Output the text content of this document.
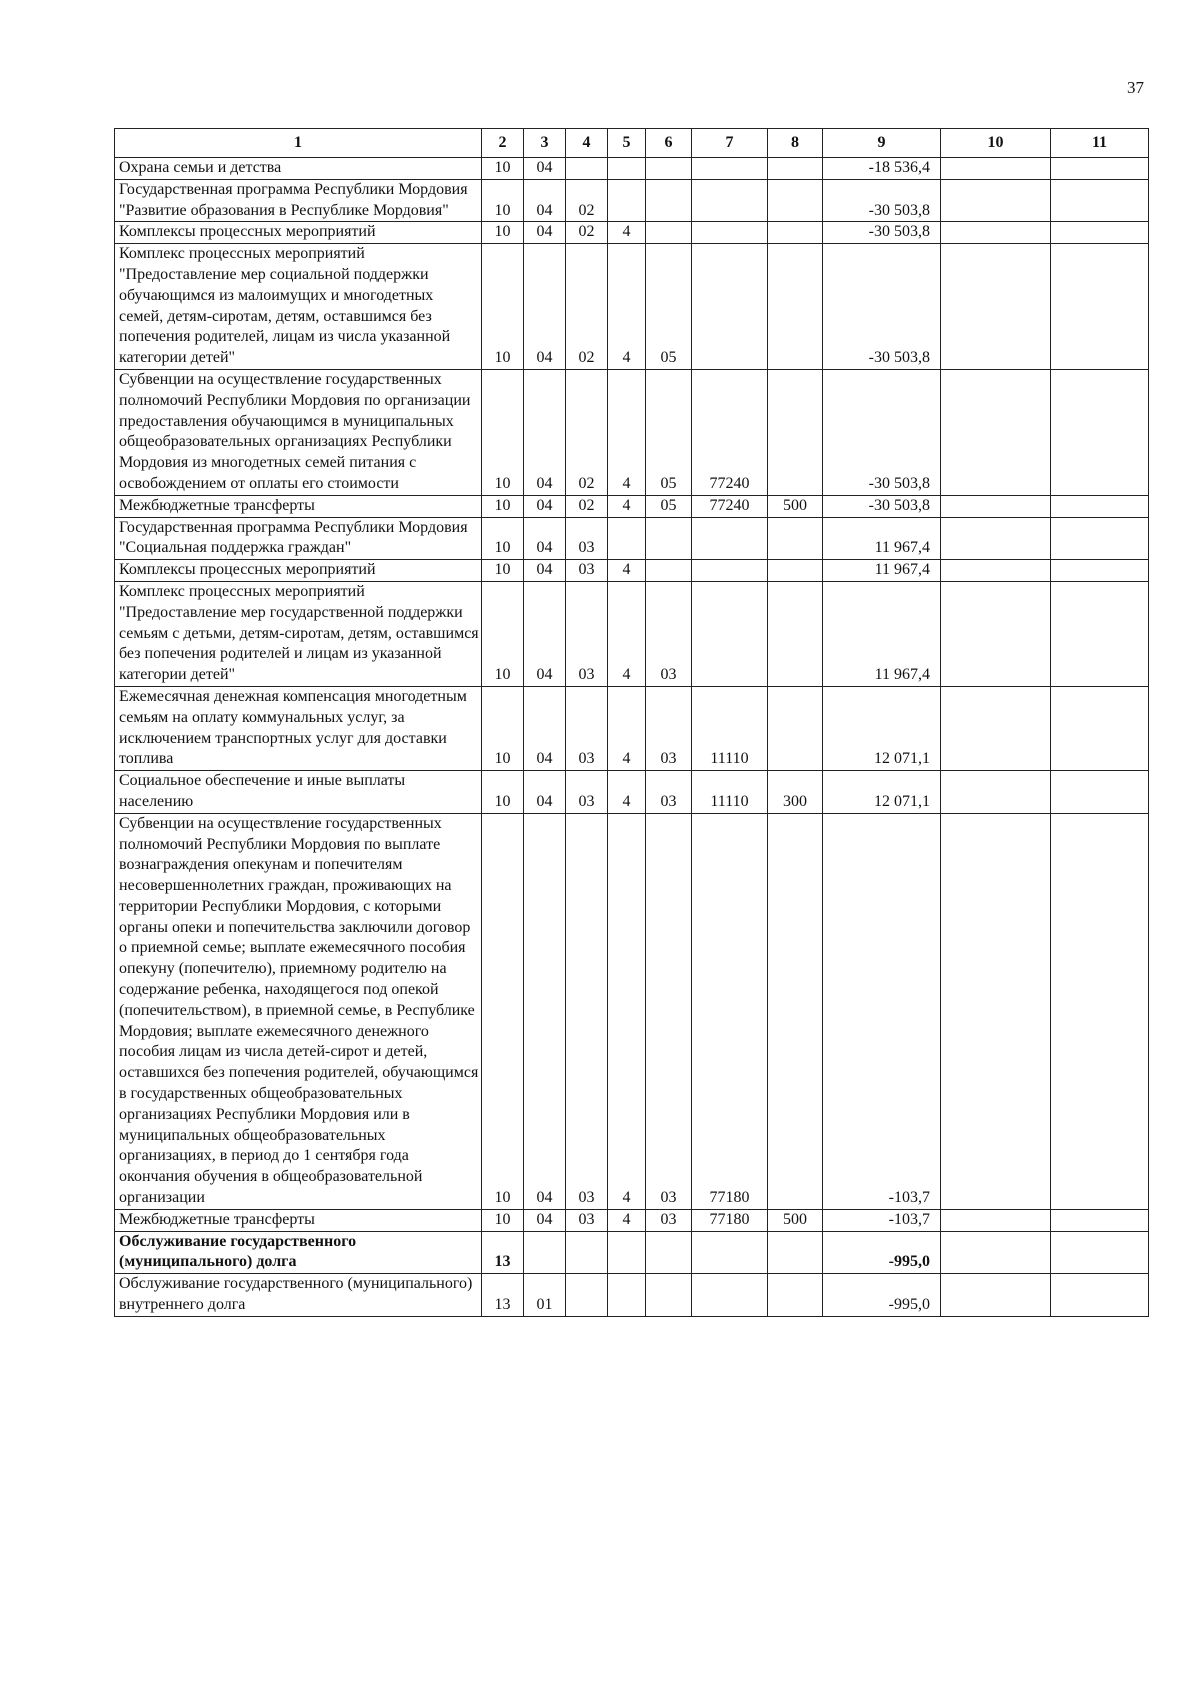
37
1	2	3	4	5	6	7	8	9	10	11
Охрана семьи и детства	10	04						-18 536,4		
Государственная программа Республики Мордовия "Развитие образования в Республике Мордовия"	10	04	02					-30 503,8		
Комплексы процессных мероприятий	10	04	02	4				-30 503,8		
Комплекс процессных мероприятий "Предоставление мер социальной поддержки обучающимся из малоимущих и многодетных семей, детям-сиротам, детям, оставшимся без попечения родителей, лицам из числа указанной категории детей"	10	04	02	4	05			-30 503,8		
Субвенции на осуществление государственных полномочий Республики Мордовия по организации предоставления обучающимся в муниципальных общеобразовательных организациях Республики Мордовия из многодетных семей питания с освобождением от оплаты его стоимости	10	04	02	4	05	77240		-30 503,8		
Межбюджетные трансферты	10	04	02	4	05	77240	500	-30 503,8		
Государственная программа Республики Мордовия "Социальная поддержка граждан"	10	04	03					11 967,4		
Комплексы процессных мероприятий	10	04	03	4				11 967,4		
Комплекс процессных мероприятий "Предоставление мер государственной поддержки семьям с детьми, детям-сиротам, детям, оставшимся без попечения родителей и лицам из указанной категории детей"	10	04	03	4	03			11 967,4		
Ежемесячная денежная компенсация многодетным семьям на оплату коммунальных услуг, за исключением транспортных услуг для доставки топлива	10	04	03	4	03	11110		12 071,1		
Социальное обеспечение и иные выплаты населению	10	04	03	4	03	11110	300	12 071,1		
Субвенции на осуществление государственных полномочий Республики Мордовия по выплате вознаграждения опекунам и попечителям несовершеннолетних граждан, проживающих на территории Республики Мордовия, с которыми органы опеки и попечительства заключили договор о приемной семье; выплате ежемесячного пособия опекуну (попечителю), приемному родителю на содержание ребенка, находящегося под опекой (попечительством), в приемной семье, в Республике Мордовия; выплате ежемесячного денежного пособия лицам из числа детей-сирот и детей, оставшихся без попечения родителей, обучающимся в государственных общеобразовательных организациях Республики Мордовия или в муниципальных общеобразовательных организациях, в период до 1 сентября года окончания обучения в общеобразовательной организации	10	04	03	4	03	77180		-103,7		
Межбюджетные трансферты	10	04	03	4	03	77180	500	-103,7		
Обслуживание государственного (муниципального) долга	13							-995,0		
Обслуживание государственного (муниципального) внутреннего долга	13	01						-995,0		
